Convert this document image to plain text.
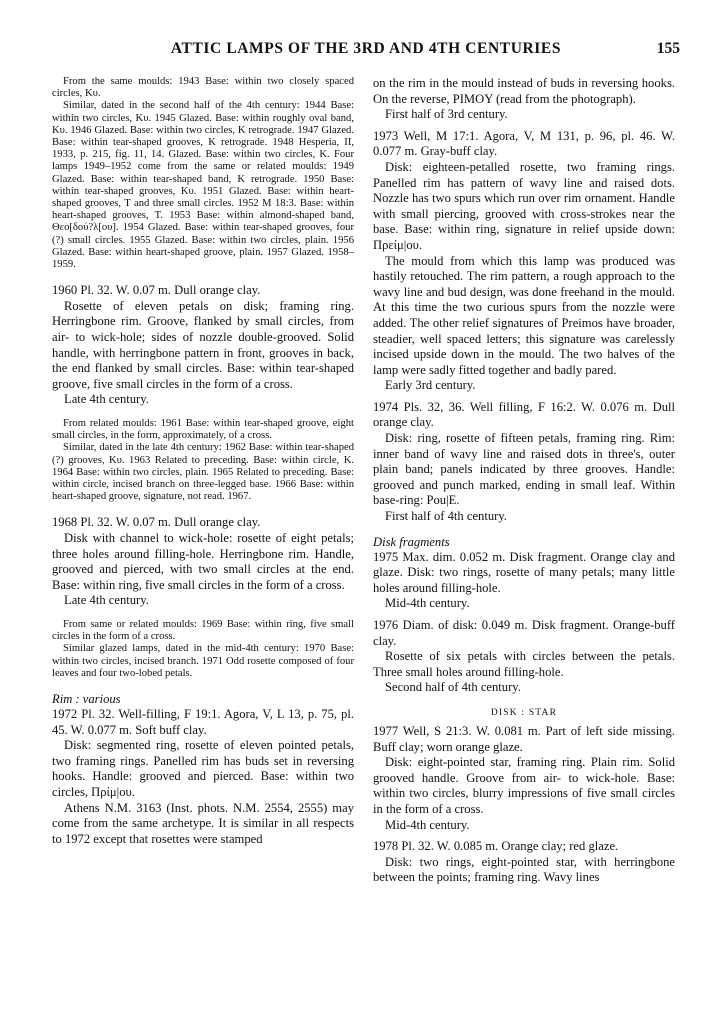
ATTIC LAMPS OF THE 3RD AND 4TH CENTURIES	155

From the same moulds: 1943 Base: within two closely spaced circles, Κυ.

Similar, dated in the second half of the 4th century: 1944 Base: within two circles, Κυ. 1945 Glazed. Base: within roughly oval band, Κυ. 1946 Glazed. Base: within two circles, K retrograde. 1947 Glazed. Base: within tear-shaped grooves, K retrograde. 1948 Hesperia, II, 1933, p. 215, fig. 11, 14. Glazed. Base: within two circles, K. Four lamps 1949–1952 come from the same or related moulds: 1949 Glazed. Base: within tear-shaped band, K retrograde. 1950 Base: within tear-shaped grooves, Κυ. 1951 Glazed. Base: within heart-shaped grooves, T and three small circles. 1952 M 18:3. Base: within heart-shaped grooves, T. 1953 Base: within almond-shaped band, Θεο[δού?λ[ου]. 1954 Glazed. Base: within tear-shaped grooves, four (?) small circles. 1955 Glazed. Base: within two circles, plain. 1956 Glazed. Base: within heart-shaped groove, plain. 1957 Glazed. 1958–1959.

1960 Pl. 32. W. 0.07 m. Dull orange clay.

Rosette of eleven petals on disk; framing ring. Herringbone rim. Groove, flanked by small circles, from air- to wick-hole; sides of nozzle double-grooved. Solid handle, with herringbone pattern in front, grooves in back, the end flanked by small circles. Base: within tear-shaped groove, five small circles in the form of a cross.

Late 4th century.

From related moulds: 1961 Base: within tear-shaped groove, eight small circles, in the form, approximately, of a cross.

Similar, dated in the late 4th century: 1962 Base: within tear-shaped (?) grooves, Κυ. 1963 Related to preceding. Base: within circle, K. 1964 Base: within two circles, plain. 1965 Related to preceding. Base: within circle, incised branch on three-legged base. 1966 Base: within heart-shaped groove, signature, not read. 1967.

1968 Pl. 32. W. 0.07 m. Dull orange clay.

Disk with channel to wick-hole: rosette of eight petals; three holes around filling-hole. Herringbone rim. Handle, grooved and pierced, with two small circles at the end. Base: within ring, five small circles in the form of a cross.

Late 4th century.

From same or related moulds: 1969 Base: within ring, five small circles in the form of a cross.

Similar glazed lamps, dated in the mid-4th century: 1970 Base: within two circles, incised branch. 1971 Odd rosette composed of four leaves and four two-lobed petals.

Rim : various

1972 Pl. 32. Well-filling, F 19:1. Agora, V, L 13, p. 75, pl. 45. W. 0.077 m. Soft buff clay.

Disk: segmented ring, rosette of eleven pointed petals, two framing rings. Panelled rim has buds set in reversing hooks. Handle: grooved and pierced. Base: within two circles, Πρίμ|ου.

Athens N.M. 3163 (Inst. phots. N.M. 2554, 2555) may come from the same archetype. It is similar in all respects to 1972 except that rosettes were stamped

on the rim in the mould instead of buds in reversing hooks. On the reverse, PIMOY (read from the photograph).

First half of 3rd century.

1973 Well, M 17:1. Agora, V, M 131, p. 96, pl. 46. W. 0.077 m. Gray-buff clay.

Disk: eighteen-petalled rosette, two framing rings. Panelled rim has pattern of wavy line and raised dots. Nozzle has two spurs which run over rim ornament. Handle with small piercing, grooved with cross-strokes near the base. Base: within ring, signature in relief upside down: Πρείμ|ου.

The mould from which this lamp was produced was hastily retouched. The rim pattern, a rough approach to the wavy line and bud design, was done freehand in the mould. At this time the two curious spurs from the nozzle were added. The other relief signatures of Preimos have broader, steadier, well spaced letters; this signature was carelessly incised upside down in the mould. The two halves of the lamp were sadly fitted together and badly pared.

Early 3rd century.

1974 Pls. 32, 36. Well filling, F 16:2. W. 0.076 m. Dull orange clay.

Disk: ring, rosette of fifteen petals, framing ring. Rim: inner band of wavy line and raised dots in three's, outer plain band; panels indicated by three grooves. Handle: grooved and punch marked, ending in small leaf. Within base-ring: Pou|E.

First half of 4th century.

Disk fragments

1975 Max. dim. 0.052 m. Disk fragment. Orange clay and glaze. Disk: two rings, rosette of many petals; many little holes around filling-hole.

Mid-4th century.

1976 Diam. of disk: 0.049 m. Disk fragment. Orange-buff clay.

Rosette of six petals with circles between the petals. Three small holes around filling-hole.

Second half of 4th century.

DISK : STAR

1977 Well, S 21:3. W. 0.081 m. Part of left side missing. Buff clay; worn orange glaze.

Disk: eight-pointed star, framing ring. Plain rim. Solid grooved handle. Groove from air- to wick-hole. Base: within two circles, blurry impressions of five small circles in the form of a cross.

Mid-4th century.

1978 Pl. 32. W. 0.085 m. Orange clay; red glaze.

Disk: two rings, eight-pointed star, with herringbone between the points; framing ring. Wavy lines
